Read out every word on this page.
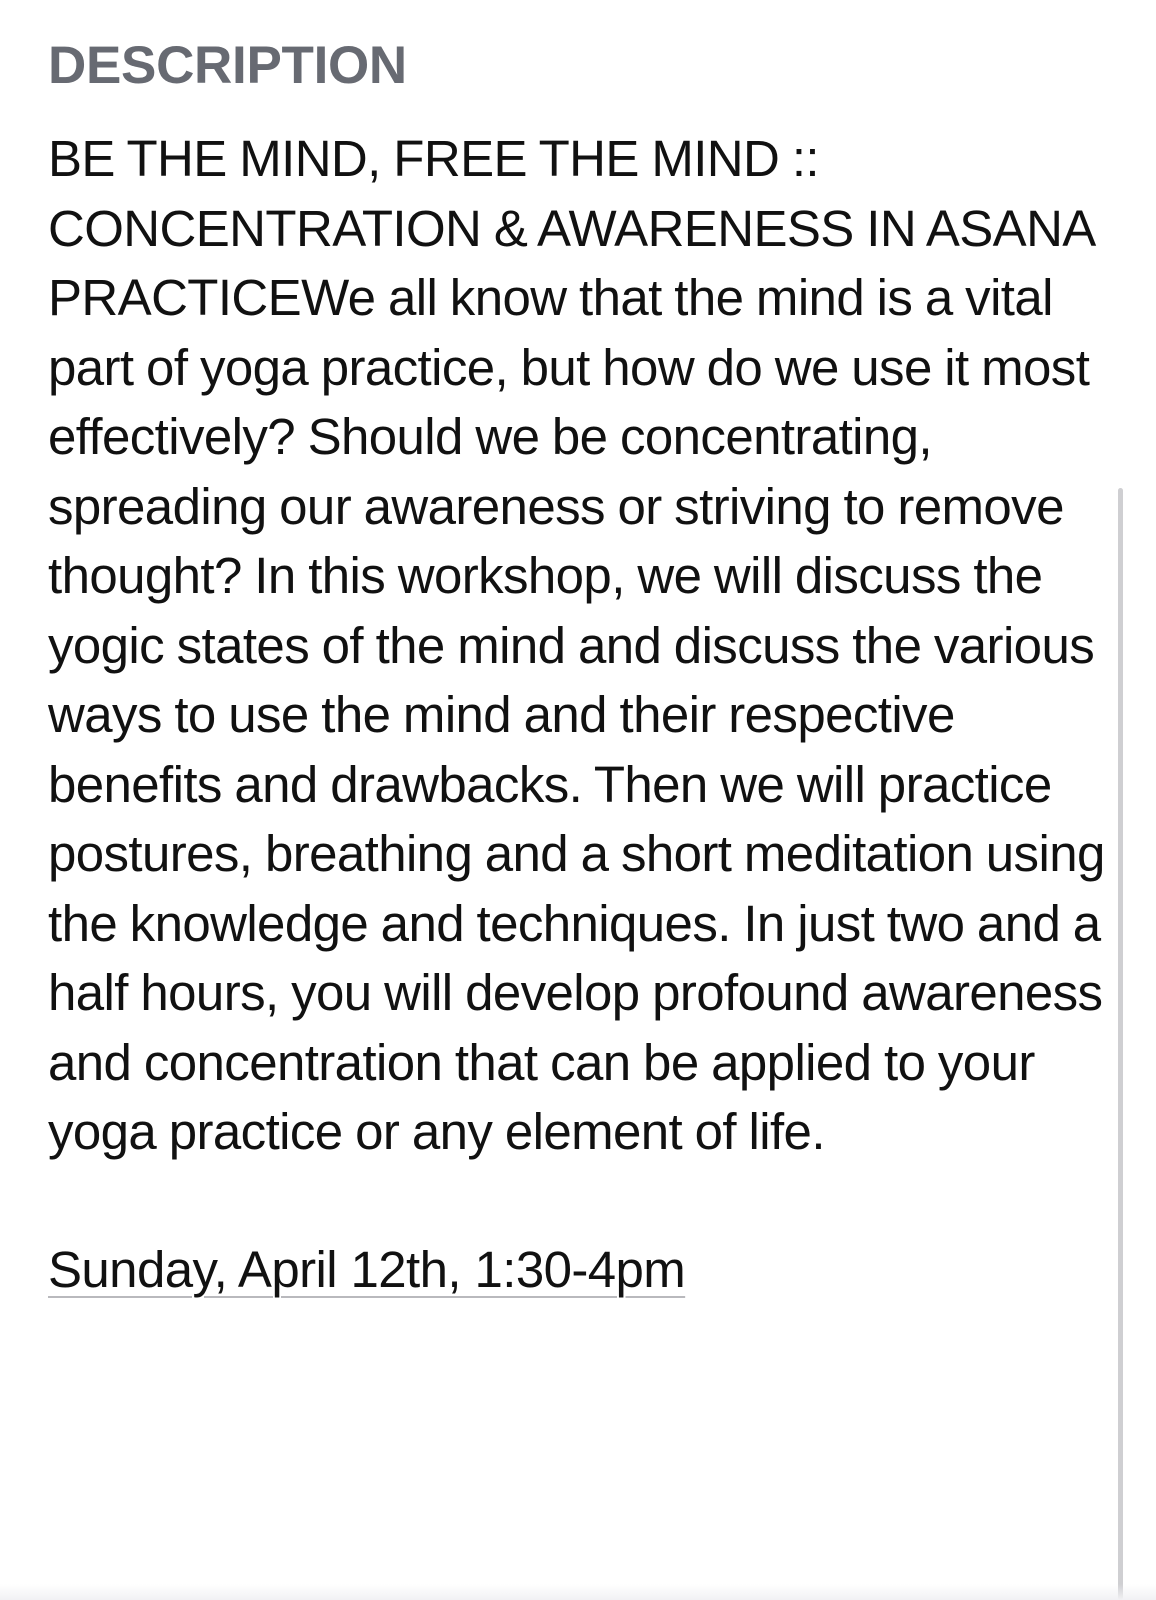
DESCRIPTION

BE THE MIND, FREE THE MIND :: CONCENTRATION & AWARENESS IN ASANA PRACTICEWe all know that the mind is a vital part of yoga practice, but how do we use it most effectively? Should we be concentrating, spreading our awareness or striving to remove thought? In this workshop, we will discuss the yogic states of the mind and discuss the various ways to use the mind and their respective benefits and drawbacks. Then we will practice postures, breathing and a short meditation using the knowledge and techniques. In just two and a half hours, you will develop profound awareness and concentration that can be applied to your yoga practice or any element of life.

Sunday, April 12th, 1:30-4pm
